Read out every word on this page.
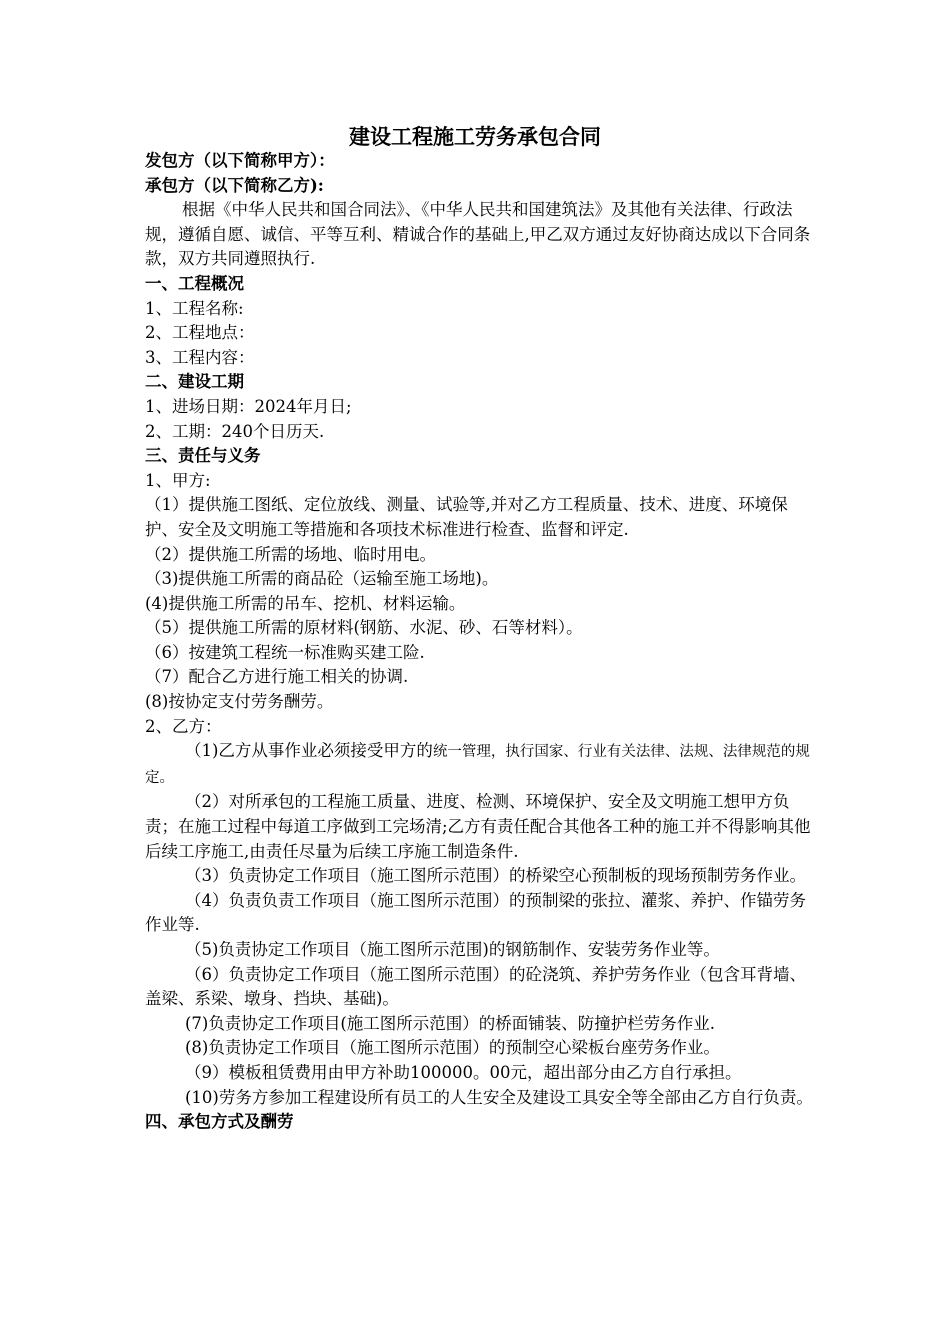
建设工程施工劳务承包合同

发包方（以下简称甲方）：

承包方（以下简称乙方):

根据《中华人民共和国合同法》、《中华人民共和国建筑法》及其他有关法律、行政法规，遵循自愿、诚信、平等互利、精诚合作的基础上,甲乙双方通过友好协商达成以下合同条款，双方共同遵照执行.

一、工程概况

1、工程名称:

2、工程地点：

3、工程内容：

二、建设工期

1、进场日期：2024年月日;

2、工期：240个日历天.

三、责任与义务

1、甲方:

（1）提供施工图纸、定位放线、测量、试验等,并对乙方工程质量、技术、进度、环境保护、安全及文明施工等措施和各项技术标准进行检查、监督和评定.

（2）提供施工所需的场地、临时用电。

（3)提供施工所需的商品砼（运输至施工场地)。

(4)提供施工所需的吊车、挖机、材料运输。

（5）提供施工所需的原材料(钢筋、水泥、砂、石等材料）。

（6）按建筑工程统一标准购买建工险.

（7）配合乙方进行施工相关的协调.

(8)按协定支付劳务酬劳。

2、乙方：

（1)乙方从事作业必须接受甲方的统一管理，执行国家、行业有关法律、法规、法律规范的规定。

（2）对所承包的工程施工质量、进度、检测、环境保护、安全及文明施工想甲方负责；在施工过程中每道工序做到工完场清;乙方有责任配合其他各工种的施工并不得影响其他后续工序施工,由责任尽量为后续工序施工制造条件.

（3）负责协定工作项目（施工图所示范围）的桥梁空心预制板的现场预制劳务作业。

（4）负责负责工作项目（施工图所示范围）的预制梁的张拉、灌浆、养护、作锚劳务作业等.

（5)负责协定工作项目（施工图所示范围)的钢筋制作、安装劳务作业等。

（6）负责协定工作项目（施工图所示范围）的砼浇筑、养护劳务作业（包含耳背墙、盖梁、系梁、墩身、挡块、基础)。

(7)负责协定工作项目(施工图所示范围）的桥面铺装、防撞护栏劳务作业.

(8)负责协定工作项目（施工图所示范围）的预制空心梁板台座劳务作业。

（9）模板租赁费用由甲方补助100000。00元，超出部分由乙方自行承担。

(10)劳务方参加工程建设所有员工的人生安全及建设工具安全等全部由乙方自行负责。

四、承包方式及酬劳
